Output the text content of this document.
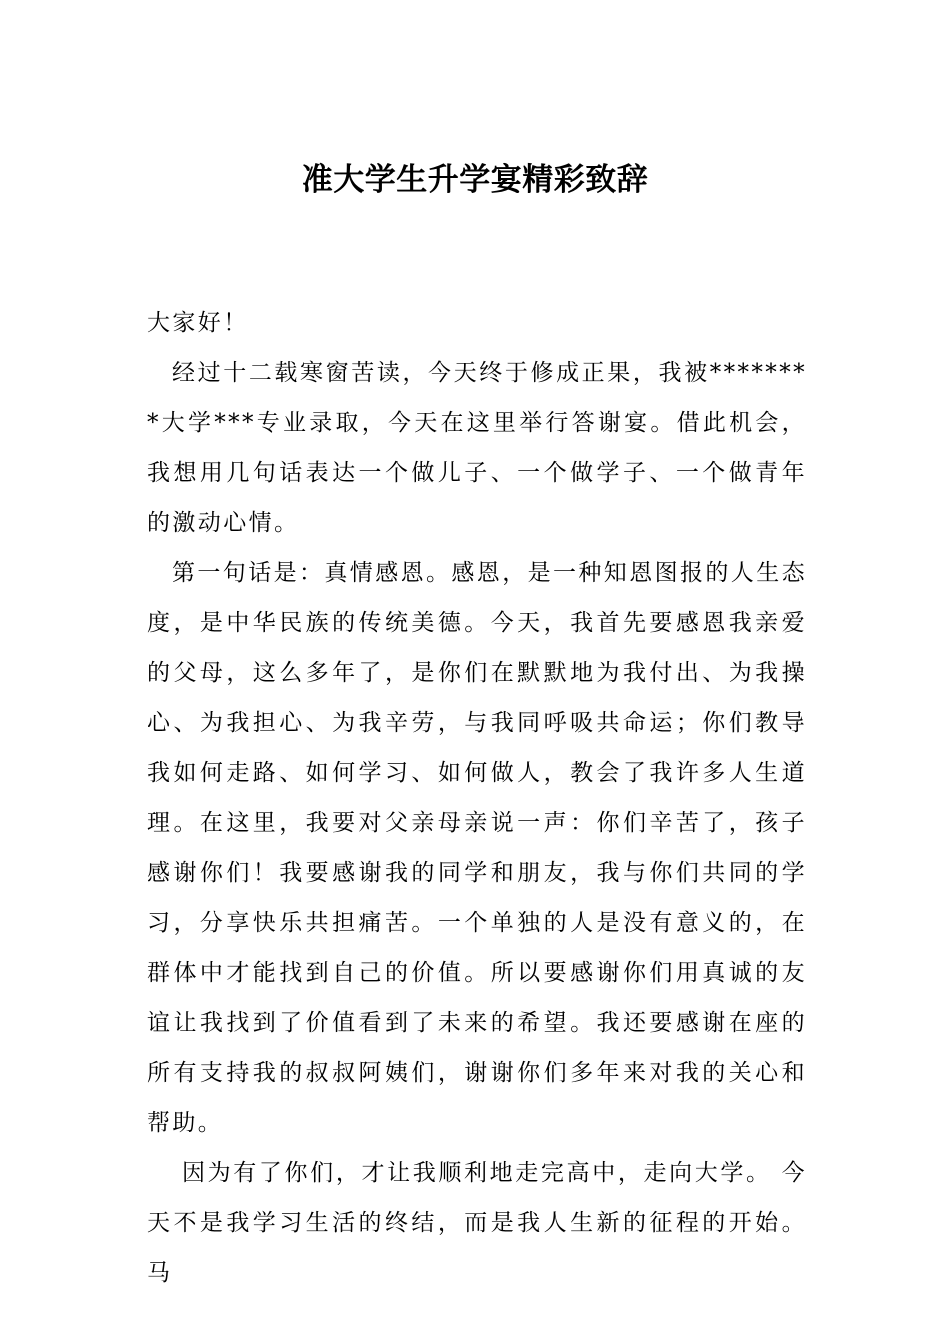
准大学生升学宴精彩致辞

大家好！

经过十二载寒窗苦读，今天终于修成正果，我被********大学***专业录取，今天在这里举行答谢宴。借此机会，我想用几句话表达一个做儿子、一个做学子、一个做青年的激动心情。

第一句话是：真情感恩。感恩，是一种知恩图报的人生态度，是中华民族的传统美德。今天，我首先要感恩我亲爱的父母，这么多年了，是你们在默默地为我付出、为我操心、为我担心、为我辛劳，与我同呼吸共命运；你们教导我如何走路、如何学习、如何做人，教会了我许多人生道理。在这里，我要对父亲母亲说一声：你们辛苦了，孩子感谢你们！我要感谢我的同学和朋友，我与你们共同的学习，分享快乐共担痛苦。一个单独的人是没有意义的，在群体中才能找到自己的价值。所以要感谢你们用真诚的友谊让我找到了价值看到了未来的希望。我还要感谢在座的所有支持我的叔叔阿姨们，谢谢你们多年来对我的关心和帮助。

因为有了你们，才让我顺利地走完高中，走向大学。 今天不是我学习生活的终结，而是我人生新的征程的开始。马
